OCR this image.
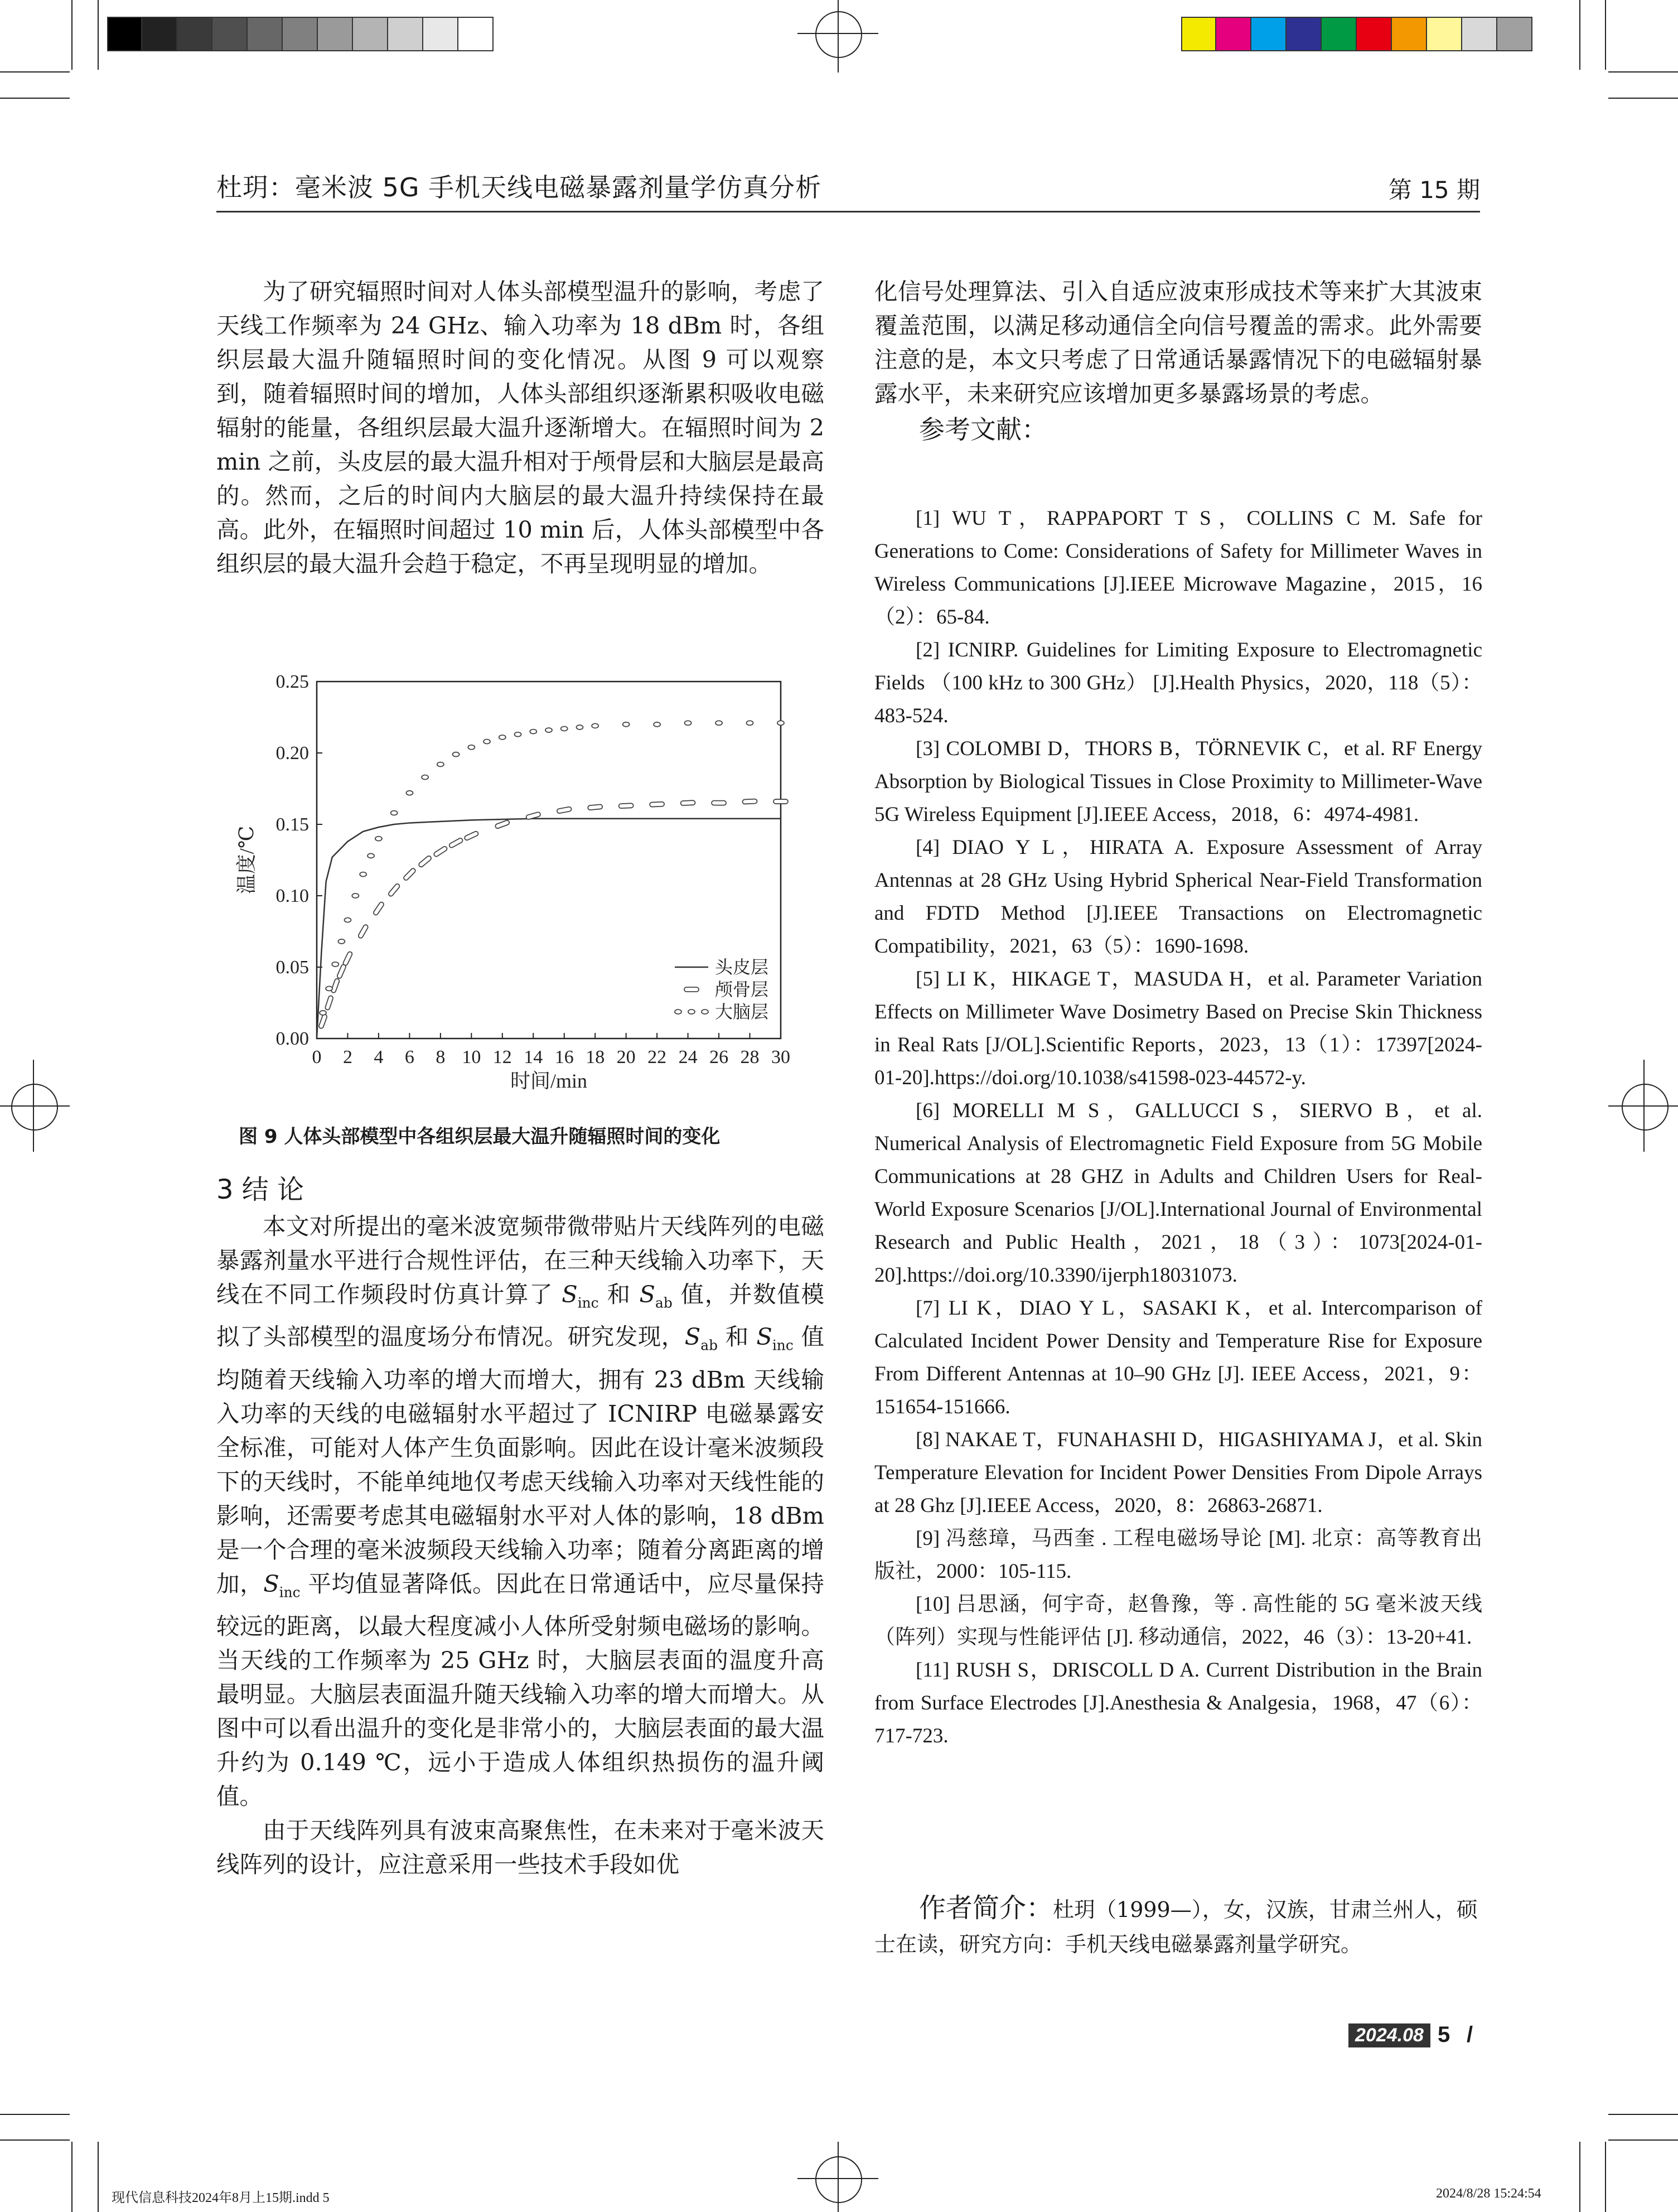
杜玥：毫米波 5G 手机天线电磁暴露剂量学仿真分析	第 15 期

为了研究辐照时间对人体头部模型温升的影响，考虑了天线工作频率为 24 GHz、输入功率为 18 dBm 时，各组织层最大温升随辐照时间的变化情况。从图 9 可以观察到，随着辐照时间的增加，人体头部组织逐渐累积吸收电磁辐射的能量，各组织层最大温升逐渐增大。在辐照时间为 2 min 之前，头皮层的最大温升相对于颅骨层和大脑层是最高的。然而，之后的时间内大脑层的最大温升持续保持在最高。此外，在辐照时间超过 10 min 后，人体头部模型中各组织层的最大温升会趋于稳定，不再呈现明显的增加。

0 2 4 6 8 10 12 14 16 18 20 22 24 26 28 30
0.00
0.05
0.10
0.15
0.20
0.25
时间/min
温度/℃
头皮层
颅骨层
大脑层
图 9 人体头部模型中各组织层最大温升随辐照时间的变化
3 结 论

本文对所提出的毫米波宽频带微带贴片天线阵列的电磁暴露剂量水平进行合规性评估，在三种天线输入功率下，天线在不同工作频段时仿真计算了 $S_{inc}$ 和 $S_{ab}$ 值，并数值模拟了头部模型的温度场分布情况。研究发现，$S_{ab}$ 和 $S_{inc}$ 值均随着天线输入功率的增大而增大，拥有 23 dBm 天线输入功率的天线的电磁辐射水平超过了 ICNIRP 电磁暴露安全标准，可能对人体产生负面影响。因此在设计毫米波频段下的天线时，不能单纯地仅考虑天线输入功率对天线性能的影响，还需要考虑其电磁辐射水平对人体的影响，18 dBm 是一个合理的毫米波频段天线输入功率；随着分离距离的增加，$S_{inc}$ 平均值显著降低。因此在日常通话中，应尽量保持较远的距离，以最大程度减小人体所受射频电磁场的影响。当天线的工作频率为 25 GHz 时，大脑层表面的温度升高最明显。大脑层表面温升随天线输入功率的增大而增大。从图中可以看出温升的变化是非常小的，大脑层表面的最大温升约为 0.149 ℃，远小于造成人体组织热损伤的温升阈值。

由于天线阵列具有波束高聚焦性，在未来对于毫米波天线阵列的设计，应注意采用一些技术手段如优

化信号处理算法、引入自适应波束形成技术等来扩大其波束覆盖范围，以满足移动通信全向信号覆盖的需求。此外需要注意的是，本文只考虑了日常通话暴露情况下的电磁辐射暴露水平，未来研究应该增加更多暴露场景的考虑。

参考文献：

[1] WU T，RAPPAPORT T S，COLLINS C M. Safe for Generations to Come: Considerations of Safety for Millimeter Waves in Wireless Communications [J].IEEE Microwave Magazine，2015，16（2）：65-84.

[2] ICNIRP. Guidelines for Limiting Exposure to Electromagnetic Fields （100 kHz to 300 GHz） [J].Health Physics，2020，118（5）：483-524.

[3] COLOMBI D，THORS B，TÖRNEVIK C，et al. RF Energy Absorption by Biological Tissues in Close Proximity to Millimeter-Wave 5G Wireless Equipment [J].IEEE Access，2018，6：4974-4981.

[4] DIAO Y L，HIRATA A. Exposure Assessment of Array Antennas at 28 GHz Using Hybrid Spherical Near-Field Transformation and FDTD Method [J].IEEE Transactions on Electromagnetic Compatibility，2021，63（5）：1690-1698.

[5] LI K，HIKAGE T，MASUDA H，et al. Parameter Variation Effects on Millimeter Wave Dosimetry Based on Precise Skin Thickness in Real Rats [J/OL].Scientific Reports，2023，13（1）：17397[2024-01-20].https://doi.org/10.1038/s41598-023-44572-y.

[6] MORELLI M S，GALLUCCI S，SIERVO B，et al. Numerical Analysis of Electromagnetic Field Exposure from 5G Mobile Communications at 28 GHZ in Adults and Children Users for Real-World Exposure Scenarios [J/OL].International Journal of Environmental Research and Public Health，2021，18（3）：1073[2024-01-20].https://doi.org/10.3390/ijerph18031073.

[7] LI K，DIAO Y L，SASAKI K，et al. Intercomparison of Calculated Incident Power Density and Temperature Rise for Exposure From Different Antennas at 10–90 GHz [J]. IEEE Access，2021，9：151654-151666.

[8] NAKAE T，FUNAHASHI D，HIGASHIYAMA J，et al. Skin Temperature Elevation for Incident Power Densities From Dipole Arrays at 28 Ghz [J].IEEE Access，2020，8：26863-26871.

[9] 冯慈璋，马西奎 . 工程电磁场导论 [M]. 北京：高等教育出版社，2000：105-115.

[10] 吕思涵，何宇奇，赵鲁豫，等 . 高性能的 5G 毫米波天线（阵列）实现与性能评估 [J]. 移动通信，2022，46（3）：13-20+41.

[11] RUSH S，DRISCOLL D A. Current Distribution in the Brain from Surface Electrodes [J].Anesthesia & Analgesia，1968，47（6）：717-723.

作者简介：杜玥（1999—），女，汉族，甘肃兰州人，硕士在读，研究方向：手机天线电磁暴露剂量学研究。
2024.08 5 /
现代信息科技2024年8月上15期.indd 5	2024/8/28 15:24:54
